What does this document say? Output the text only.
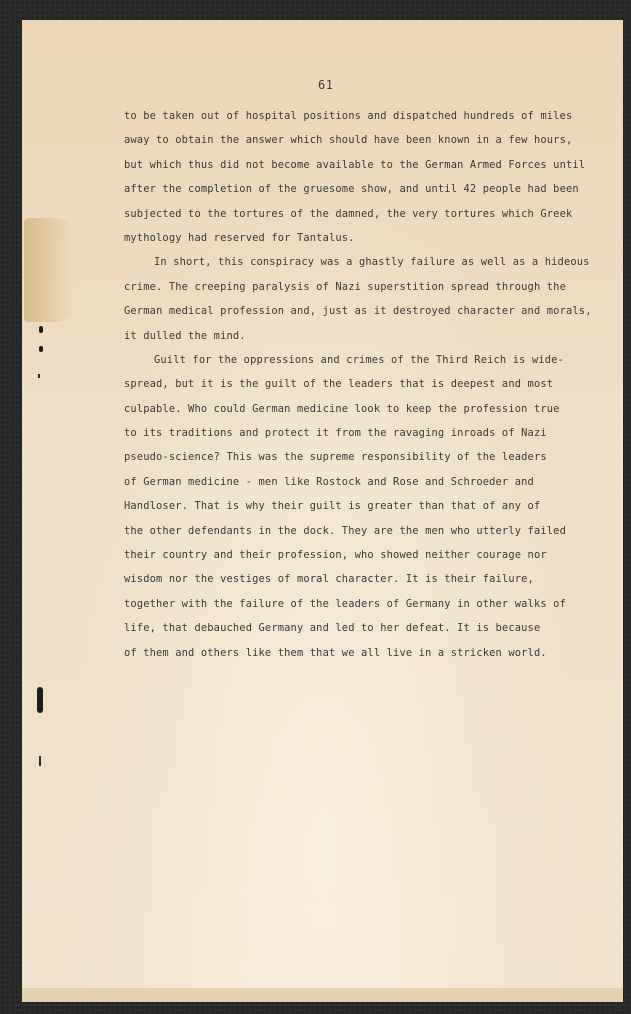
61

to be taken out of hospital positions and dispatched hundreds of miles
away to obtain the answer which should have been known in a few hours,
but which thus did not become available to the German Armed Forces until
after the completion of the gruesome show, and until 42 people had been
subjected to the tortures of the damned, the very tortures which Greek
mythology had reserved for Tantalus.

In short, this conspiracy was a ghastly failure as well as a hideous
crime. The creeping paralysis of Nazi superstition spread through the
German medical profession and, just as it destroyed character and morals,
it dulled the mind.

Guilt for the oppressions and crimes of the Third Reich is wide-
spread, but it is the guilt of the leaders that is deepest and most
culpable. Who could German medicine look to keep the profession true
to its traditions and protect it from the ravaging inroads of Nazi
pseudo-science? This was the supreme responsibility of the leaders
of German medicine - men like Rostock and Rose and Schroeder and
Handloser. That is why their guilt is greater than that of any of
the other defendants in the dock. They are the men who utterly failed
their country and their profession, who showed neither courage nor
wisdom nor the vestiges of moral character. It is their failure,
together with the failure of the leaders of Germany in other walks of
life, that debauched Germany and led to her defeat. It is because
of them and others like them that we all live in a stricken world.
